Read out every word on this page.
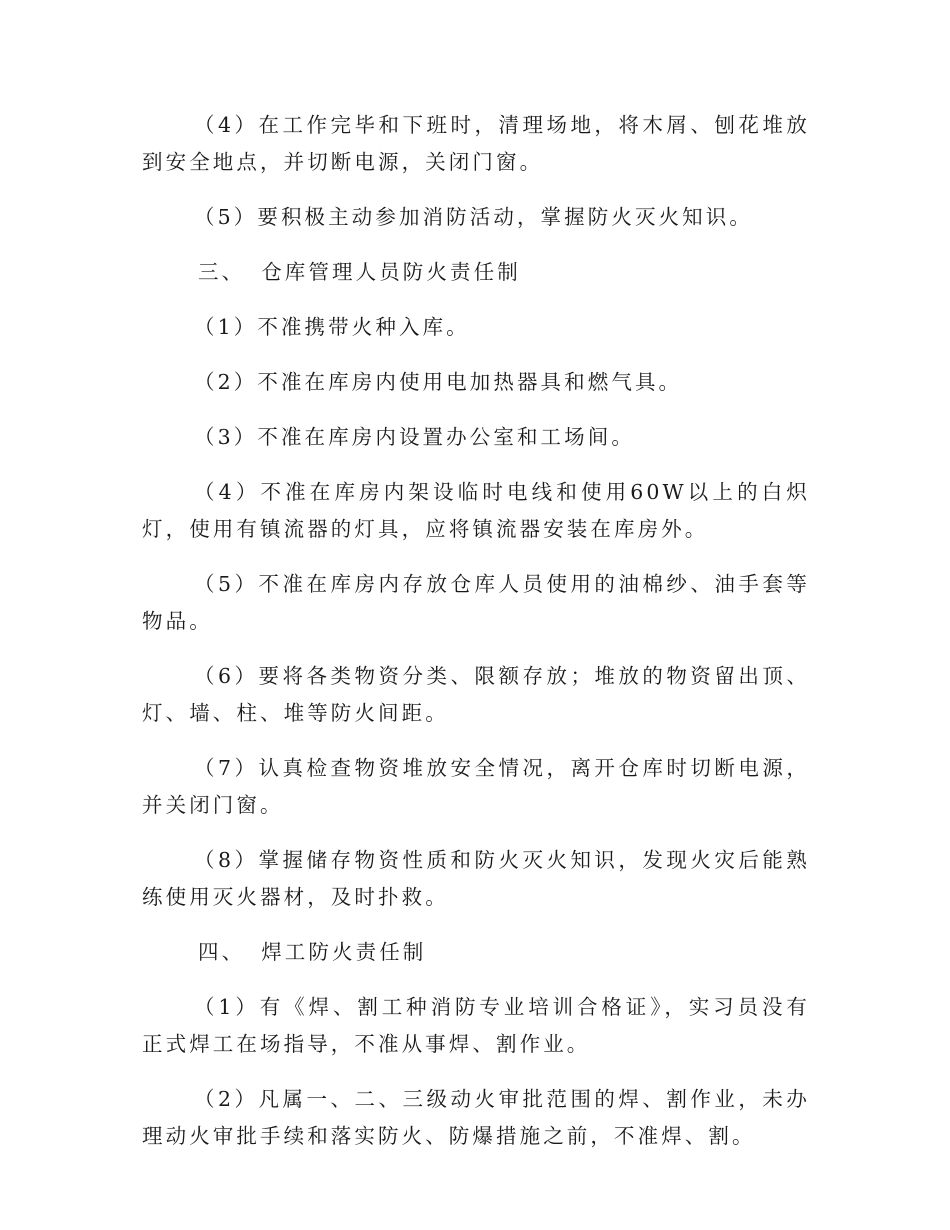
（4）在工作完毕和下班时，清理场地，将木屑、刨花堆放到安全地点，并切断电源，关闭门窗。

（5）要积极主动参加消防活动，掌握防火灭火知识。

三、 仓库管理人员防火责任制

（1）不准携带火种入库。

（2）不准在库房内使用电加热器具和燃气具。

（3）不准在库房内设置办公室和工场间。

（4）不准在库房内架设临时电线和使用60W以上的白炽灯，使用有镇流器的灯具，应将镇流器安装在库房外。

（5）不准在库房内存放仓库人员使用的油棉纱、油手套等物品。

（6）要将各类物资分类、限额存放；堆放的物资留出顶、灯、墙、柱、堆等防火间距。

（7）认真检查物资堆放安全情况，离开仓库时切断电源，并关闭门窗。

（8）掌握储存物资性质和防火灭火知识，发现火灾后能熟练使用灭火器材，及时扑救。

四、 焊工防火责任制

（1）有《焊、割工种消防专业培训合格证》，实习员没有正式焊工在场指导，不准从事焊、割作业。

（2）凡属一、二、三级动火审批范围的焊、割作业，未办理动火审批手续和落实防火、防爆措施之前，不准焊、割。
